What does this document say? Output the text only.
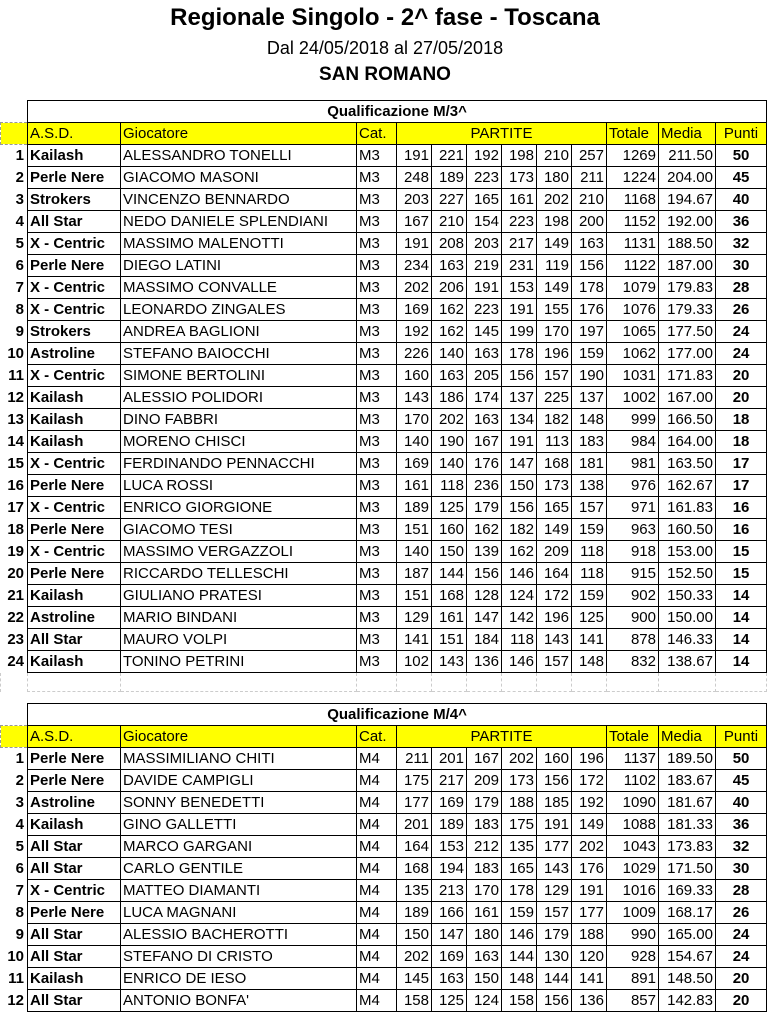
Regionale Singolo - 2^ fase - Toscana
Dal 24/05/2018 al 27/05/2018
SAN ROMANO
	Qualificazione M/3^											
	A.S.D.	Giocatore	Cat.	PARTITE						Totale	Media	Punti
1	Kailash	ALESSANDRO TONELLI	M3	191	221	192	198	210	257	1269	211.50	50
2	Perle Nere	GIACOMO MASONI	M3	248	189	223	173	180	211	1224	204.00	45
3	Strokers	VINCENZO BENNARDO	M3	203	227	165	161	202	210	1168	194.67	40
4	All Star	NEDO DANIELE SPLENDIANI	M3	167	210	154	223	198	200	1152	192.00	36
5	X - Centric	MASSIMO MALENOTTI	M3	191	208	203	217	149	163	1131	188.50	32
6	Perle Nere	DIEGO LATINI	M3	234	163	219	231	119	156	1122	187.00	30
7	X - Centric	MASSIMO CONVALLE	M3	202	206	191	153	149	178	1079	179.83	28
8	X - Centric	LEONARDO ZINGALES	M3	169	162	223	191	155	176	1076	179.33	26
9	Strokers	ANDREA BAGLIONI	M3	192	162	145	199	170	197	1065	177.50	24
10	Astroline	STEFANO BAIOCCHI	M3	226	140	163	178	196	159	1062	177.00	24
11	X - Centric	SIMONE BERTOLINI	M3	160	163	205	156	157	190	1031	171.83	20
12	Kailash	ALESSIO POLIDORI	M3	143	186	174	137	225	137	1002	167.00	20
13	Kailash	DINO FABBRI	M3	170	202	163	134	182	148	999	166.50	18
14	Kailash	MORENO CHISCI	M3	140	190	167	191	113	183	984	164.00	18
15	X - Centric	FERDINANDO PENNACCHI	M3	169	140	176	147	168	181	981	163.50	17
16	Perle Nere	LUCA ROSSI	M3	161	118	236	150	173	138	976	162.67	17
17	X - Centric	ENRICO GIORGIONE	M3	189	125	179	156	165	157	971	161.83	16
18	Perle Nere	GIACOMO TESI	M3	151	160	162	182	149	159	963	160.50	16
19	X - Centric	MASSIMO VERGAZZOLI	M3	140	150	139	162	209	118	918	153.00	15
20	Perle Nere	RICCARDO TELLESCHI	M3	187	144	156	146	164	118	915	152.50	15
21	Kailash	GIULIANO PRATESI	M3	151	168	128	124	172	159	902	150.33	14
22	Astroline	MARIO BINDANI	M3	129	161	147	142	196	125	900	150.00	14
23	All Star	MAURO VOLPI	M3	141	151	184	118	143	141	878	146.33	14
24	Kailash	TONINO PETRINI	M3	102	143	136	146	157	148	832	138.67	14

	Qualificazione M/4^											
	A.S.D.	Giocatore	Cat.	PARTITE						Totale	Media	Punti
1	Perle Nere	MASSIMILIANO CHITI	M4	211	201	167	202	160	196	1137	189.50	50
2	Perle Nere	DAVIDE CAMPIGLI	M4	175	217	209	173	156	172	1102	183.67	45
3	Astroline	SONNY BENEDETTI	M4	177	169	179	188	185	192	1090	181.67	40
4	Kailash	GINO GALLETTI	M4	201	189	183	175	191	149	1088	181.33	36
5	All Star	MARCO GARGANI	M4	164	153	212	135	177	202	1043	173.83	32
6	All Star	CARLO GENTILE	M4	168	194	183	165	143	176	1029	171.50	30
7	X - Centric	MATTEO DIAMANTI	M4	135	213	170	178	129	191	1016	169.33	28
8	Perle Nere	LUCA MAGNANI	M4	189	166	161	159	157	177	1009	168.17	26
9	All Star	ALESSIO BACHEROTTI	M4	150	147	180	146	179	188	990	165.00	24
10	All Star	STEFANO DI CRISTO	M4	202	169	163	144	130	120	928	154.67	24
11	Kailash	ENRICO DE IESO	M4	145	163	150	148	144	141	891	148.50	20
12	All Star	ANTONIO BONFA'	M4	158	125	124	158	156	136	857	142.83	20
